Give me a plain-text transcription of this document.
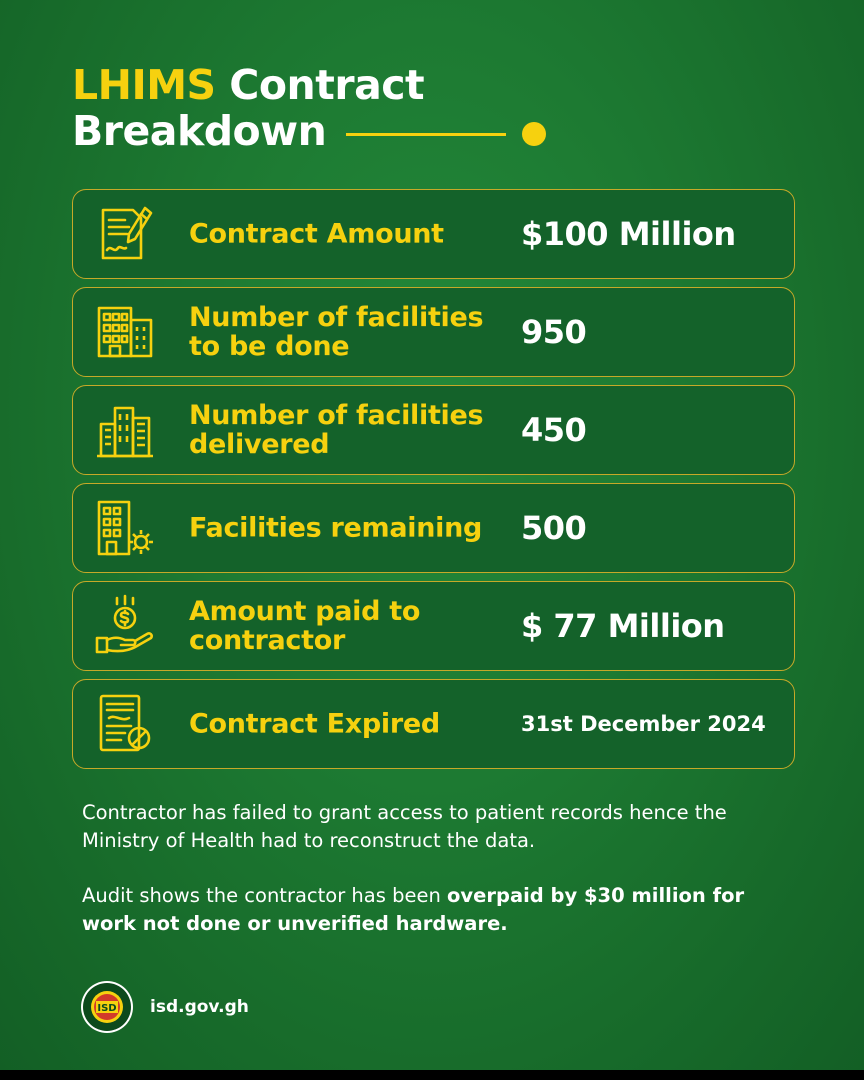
LHIMS Contract
Breakdown
Contract Amount	$100 Million
Number of facilities to be done	950
Number of facilities delivered	450
Facilities remaining 500
Amount paid to contractor	$ 77 Million
Contract Expired	31st December 2024
Contractor has failed to grant access to patient records hence the Ministry of Health had to reconstruct the data.
Audit shows the contractor has been overpaid by $30 million for work not done or unverified hardware.
ISD isd.gov.gh
